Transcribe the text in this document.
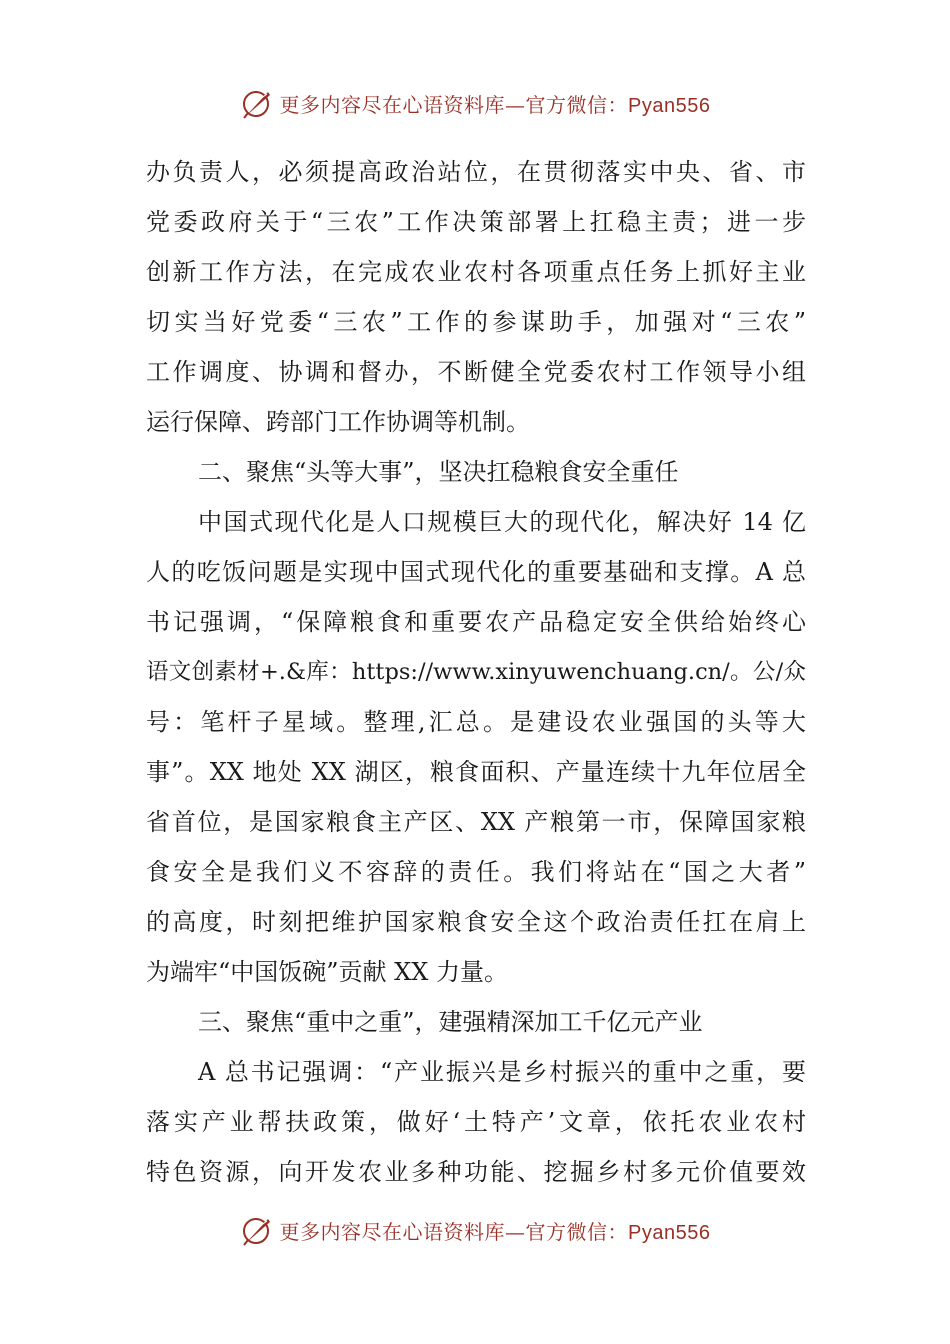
更多内容尽在心语资料库—官方微信：Pyan556
办负责人，必须提高政治站位，在贯彻落实中央、省、市
党委政府关于“三农”工作决策部署上扛稳主责；进一步
创新工作方法，在完成农业农村各项重点任务上抓好主业
切实当好党委“三农”工作的参谋助手，加强对“三农”
工作调度、协调和督办，不断健全党委农村工作领导小组
运行保障、跨部门工作协调等机制。
二、聚焦“头等大事”，坚决扛稳粮食安全重任
中国式现代化是人口规模巨大的现代化，解决好 14 亿
人的吃饭问题是实现中国式现代化的重要基础和支撑。A 总
书记强调，“保障粮食和重要农产品稳定安全供给始终心
语文创素材+.&库：https://www.xinyuwenchuang.cn/。公/众
号：笔杆子星域。整理,汇总。是建设农业强国的头等大
事”。XX 地处 XX 湖区，粮食面积、产量连续十九年位居全
省首位，是国家粮食主产区、XX 产粮第一市，保障国家粮
食安全是我们义不容辞的责任。我们将站在“国之大者”
的高度，时刻把维护国家粮食安全这个政治责任扛在肩上
为端牢“中国饭碗”贡献 XX 力量。
三、聚焦“重中之重”，建强精深加工千亿元产业
A 总书记强调：“产业振兴是乡村振兴的重中之重，要
落实产业帮扶政策，做好‘土特产’文章，依托农业农村
特色资源，向开发农业多种功能、挖掘乡村多元价值要效
更多内容尽在心语资料库—官方微信：Pyan556
